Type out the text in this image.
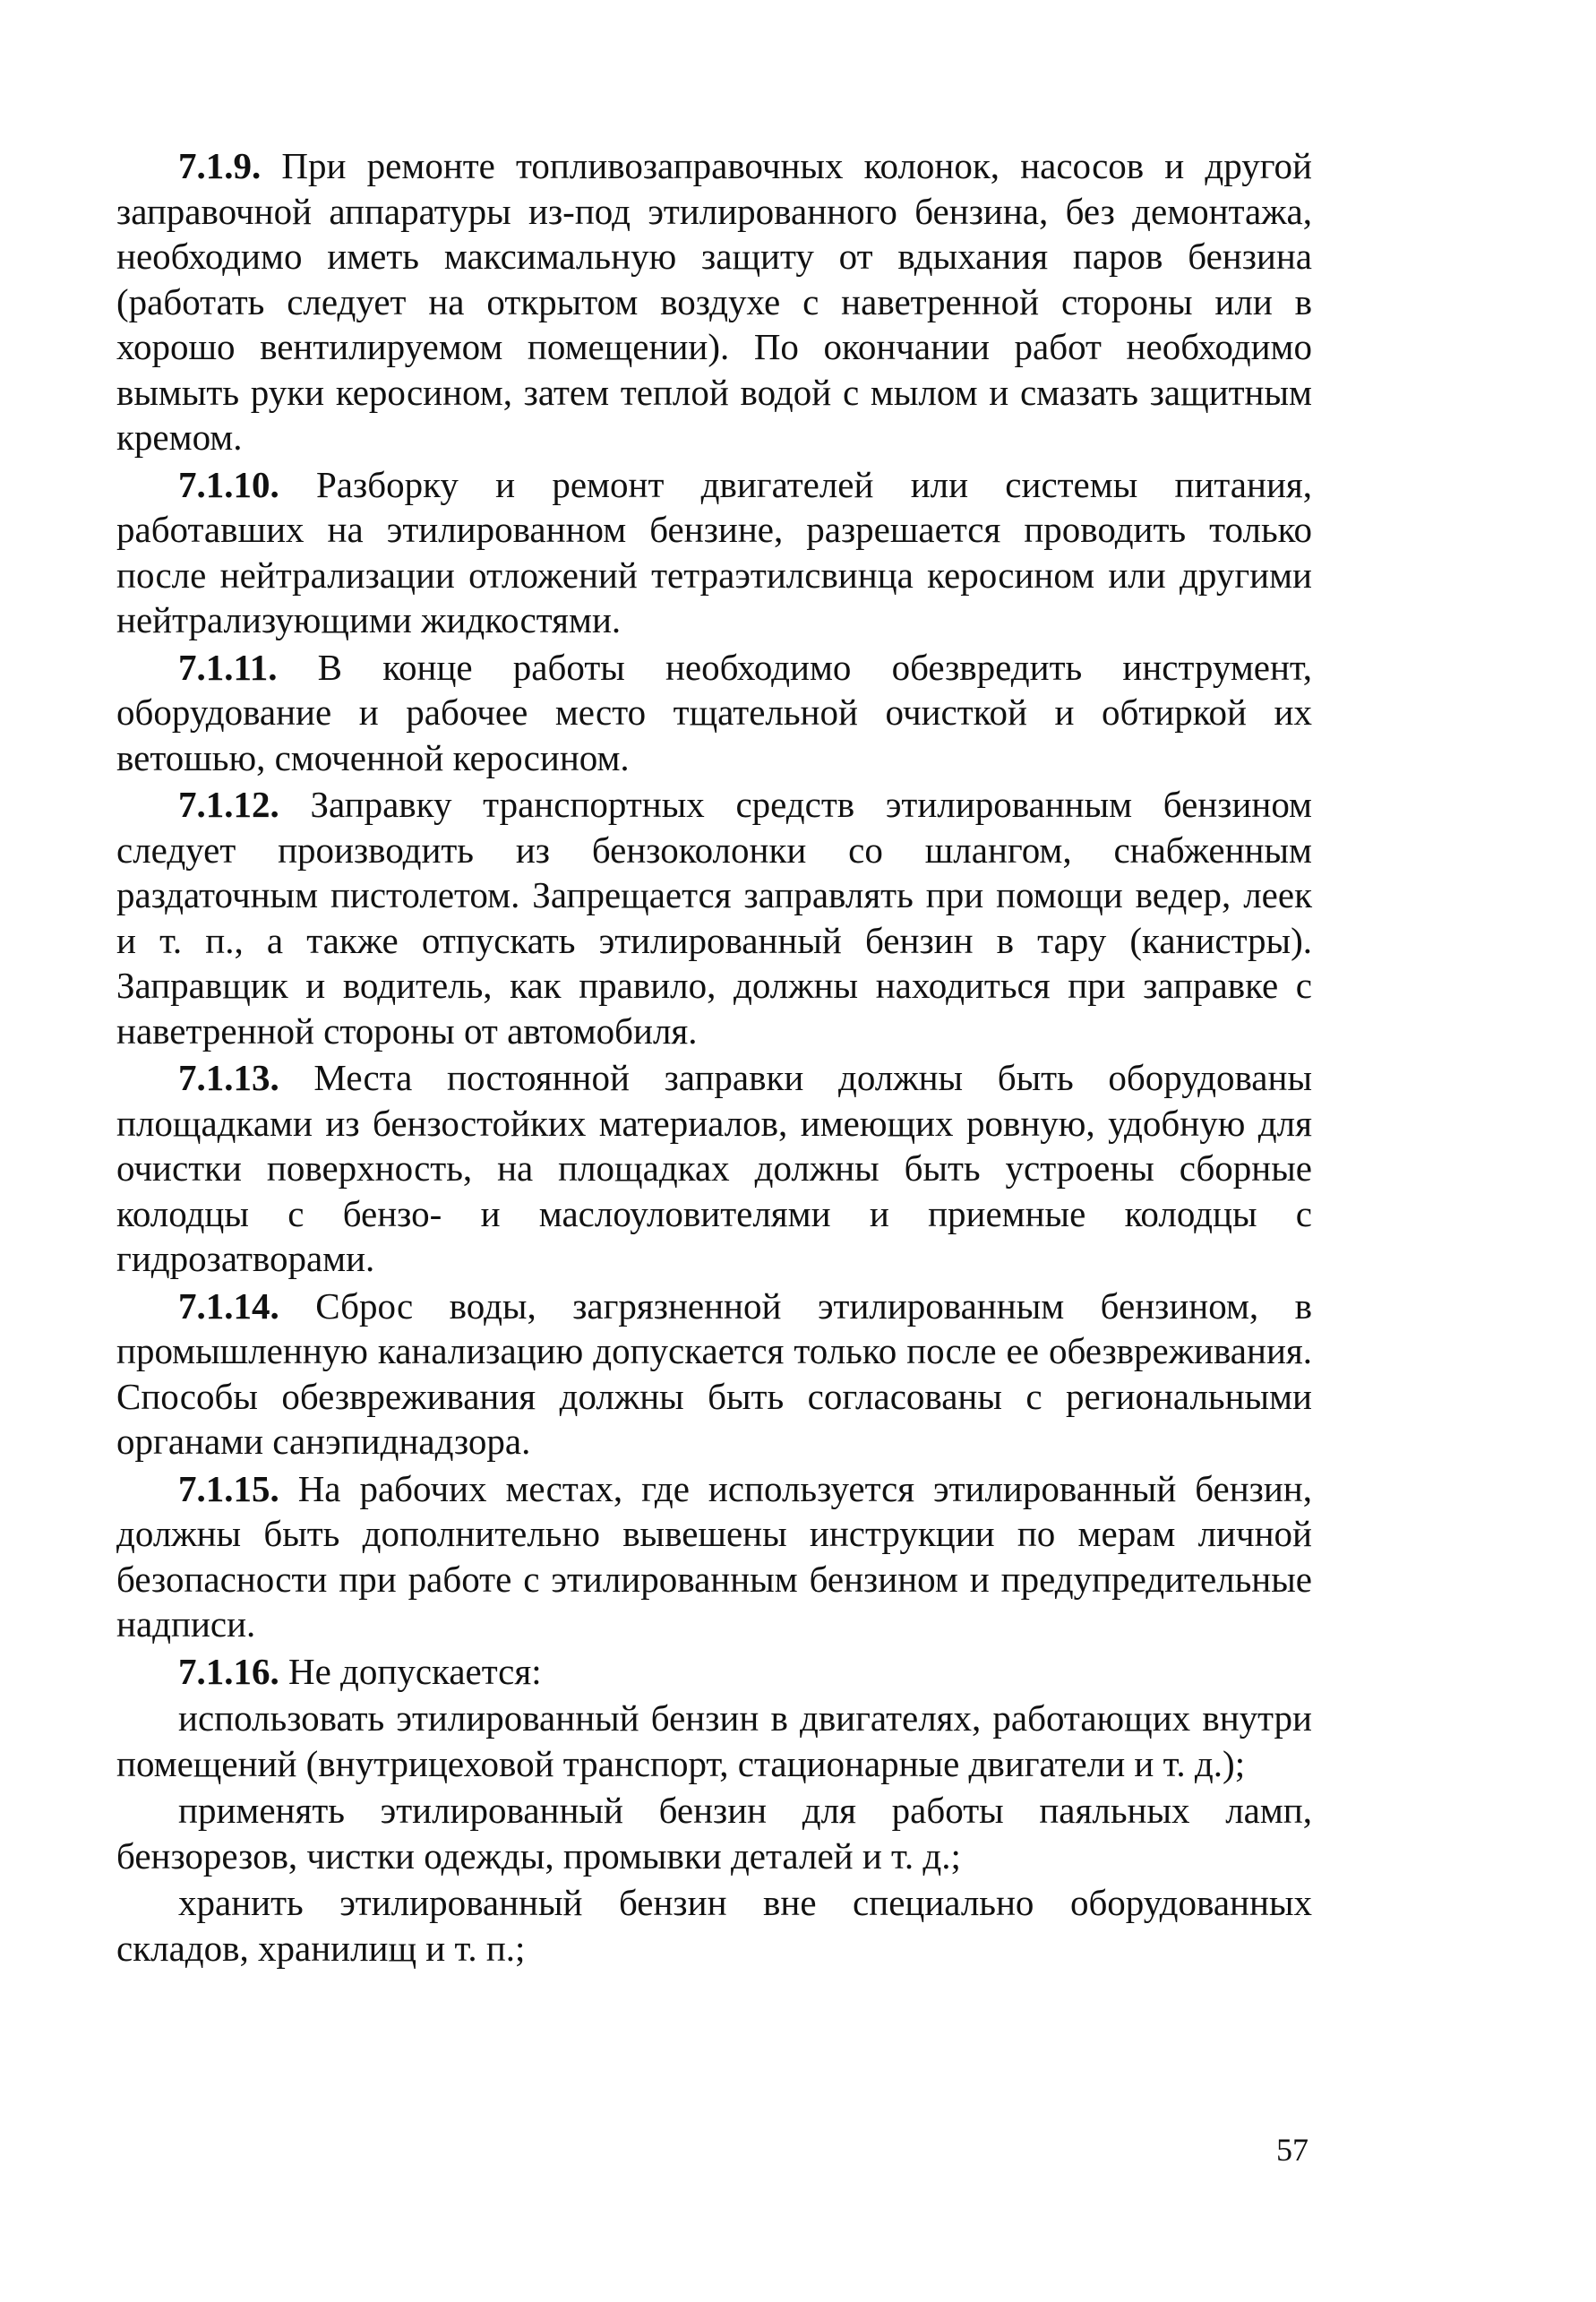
7.1.9. При ремонте топливозаправочных колонок, насосов и другой заправочной аппаратуры из-под этилированного бензина, без демонтажа, необходимо иметь максимальную защиту от вдыхания паров бензина (работать следует на открытом воздухе с наветренной стороны или в хорошо вентилируемом помещении). По окончании работ необходимо вымыть руки керосином, затем теплой водой с мылом и смазать защитным кремом.

7.1.10. Разборку и ремонт двигателей или системы питания, работавших на этилированном бензине, разрешается проводить только после нейтрализации отложений тетраэтилсвинца керосином или другими нейтрализующими жидкостями.

7.1.11. В конце работы необходимо обезвредить инструмент, оборудование и рабочее место тщательной очисткой и обтиркой их ветошью, смоченной керосином.

7.1.12. Заправку транспортных средств этилированным бензином следует производить из бензоколонки со шлангом, снабженным раздаточным пистолетом. Запрещается заправлять при помощи ведер, леек и т. п., а также отпускать этилированный бензин в тару (канистры). Заправщик и водитель, как правило, должны находиться при заправке с наветренной стороны от автомобиля.

7.1.13. Места постоянной заправки должны быть оборудованы площадками из бензостойких материалов, имеющих ровную, удобную для очистки поверхность, на площадках должны быть устроены сборные колодцы с бензо- и маслоуловителями и приемные колодцы с гидрозатворами.

7.1.14. Сброс воды, загрязненной этилированным бензином, в промышленную канализацию допускается только после ее обезвреживания. Способы обезвреживания должны быть согласованы с региональными органами санэпиднадзора.

7.1.15. На рабочих местах, где используется этилированный бензин, должны быть дополнительно вывешены инструкции по мерам личной безопасности при работе с этилированным бензином и предупредительные надписи.

7.1.16. Не допускается:

использовать этилированный бензин в двигателях, работающих внутри помещений (внутрицеховой транспорт, стационарные двигатели и т. д.);

применять этилированный бензин для работы паяльных ламп, бензорезов, чистки одежды, промывки деталей и т. д.;

хранить этилированный бензин вне специально оборудованных складов, хранилищ и т. п.;

57
